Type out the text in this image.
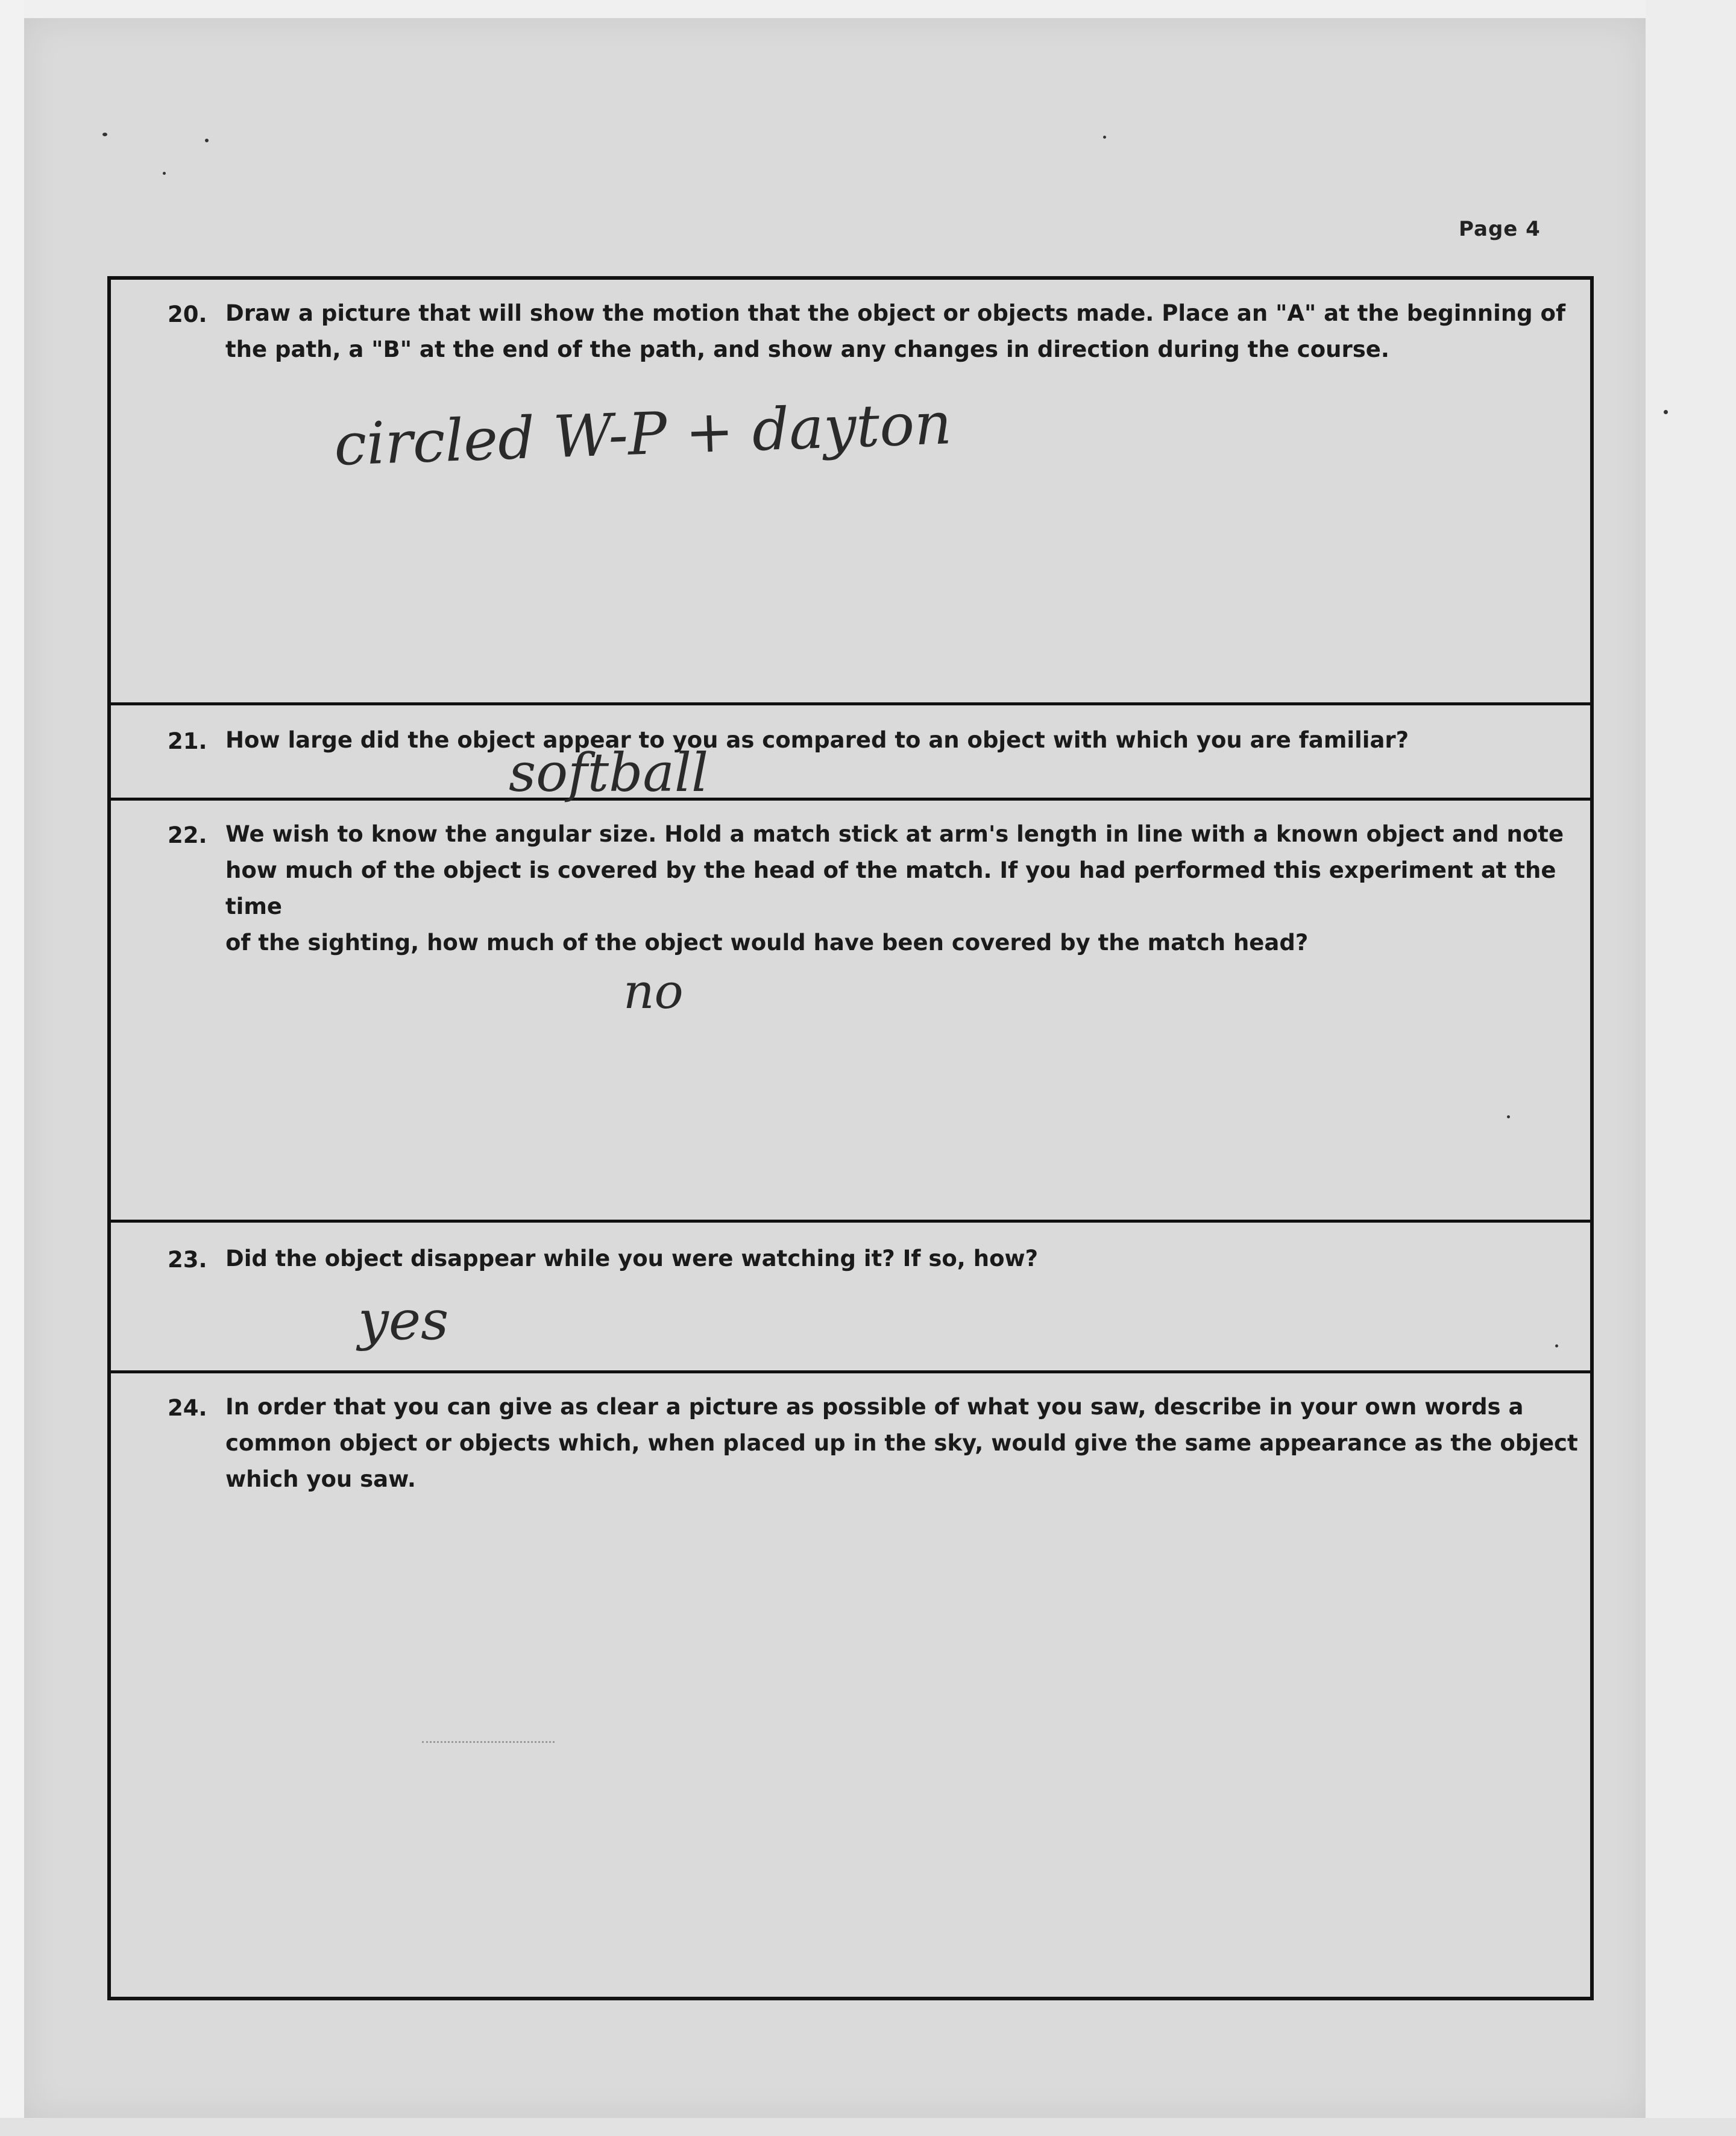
Page 4
20. Draw a picture that will show the motion that the object or objects made. Place an "A" at the beginning of
the path, a "B" at the end of the path, and show any changes in direction during the course.
circled W-P + dayton
21. How large did the object appear to you as compared to an object with which you are familiar?
softball
22. We wish to know the angular size. Hold a match stick at arm's length in line with a known object and note
how much of the object is covered by the head of the match. If you had performed this experiment at the time
of the sighting, how much of the object would have been covered by the match head?
no
23. Did the object disappear while you were watching it? If so, how?
yes
24. In order that you can give as clear a picture as possible of what you saw, describe in your own words a
common object or objects which, when placed up in the sky, would give the same appearance as the object
which you saw.
